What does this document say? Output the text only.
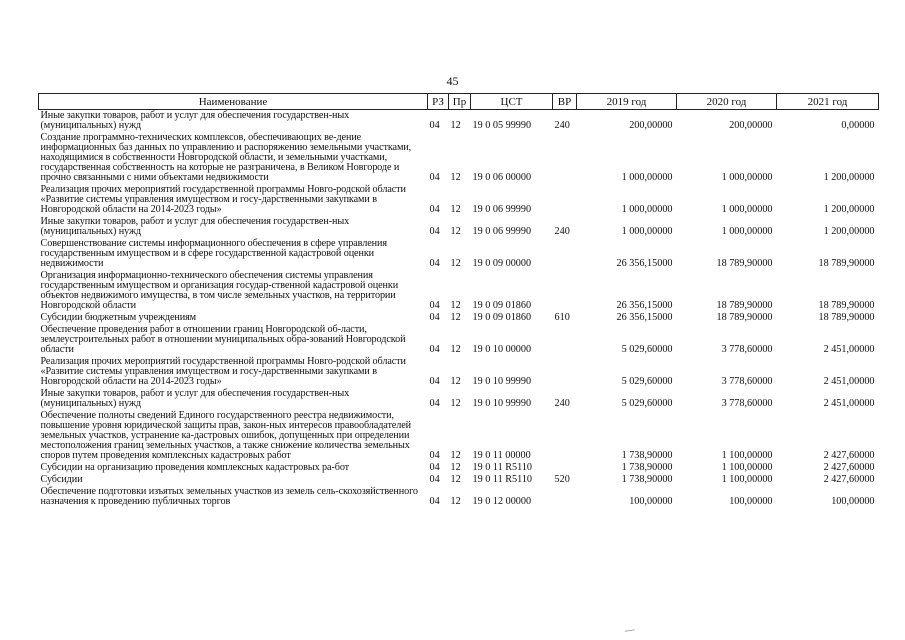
45
Наименование	РЗ	Пр	ЦСТ	ВР	2019 год	2020 год	2021 год
Иные закупки товаров, работ и услуг для обеспечения государствен-ных (муниципальных) нужд	04	12	19 0 05 99990	240	200,00000	200,00000	0,00000
Создание программно-технических комплексов, обеспечивающих ве-дение информационных баз данных по управлению и распоряжению земельными участками, находящимися в собственности Новгородской области, и земельными участками, государственная собственность на которые не разграничена, в Великом Новгороде и прочно связанными с ними объектами недвижимости	04	12	19 0 06 00000		1 000,00000	1 000,00000	1 200,00000
Реализация прочих мероприятий государственной программы Новго-родской области «Развитие системы управления имуществом и госу-дарственными закупками в Новгородской области на 2014-2023 годы»	04	12	19 0 06 99990		1 000,00000	1 000,00000	1 200,00000
Иные закупки товаров, работ и услуг для обеспечения государствен-ных (муниципальных) нужд	04	12	19 0 06 99990	240	1 000,00000	1 000,00000	1 200,00000
Совершенствование системы информационного обеспечения в сфере управления государственным имуществом и в сфере государственной кадастровой оценки недвижимости	04	12	19 0 09 00000		26 356,15000	18 789,90000	18 789,90000
Организация информационно-технического обеспечения системы управления государственным имуществом и организация государ-ственной кадастровой оценки объектов недвижимого имущества, в том числе земельных участков, на территории Новгородской области	04	12	19 0 09 01860		26 356,15000	18 789,90000	18 789,90000
Субсидии бюджетным учреждениям	04	12	19 0 09 01860	610	26 356,15000	18 789,90000	18 789,90000
Обеспечение проведения работ в отношении границ Новгородской об-ласти, землеустроительных работ в отношении муниципальных обра-зований Новгородской области	04	12	19 0 10 00000		5 029,60000	3 778,60000	2 451,00000
Реализация прочих мероприятий государственной программы Новго-родской области «Развитие системы управления имуществом и госу-дарственными закупками в Новгородской области на 2014-2023 годы»	04	12	19 0 10 99990		5 029,60000	3 778,60000	2 451,00000
Иные закупки товаров, работ и услуг для обеспечения государствен-ных (муниципальных) нужд	04	12	19 0 10 99990	240	5 029,60000	3 778,60000	2 451,00000
Обеспечение полноты сведений Единого государственного реестра недвижимости, повышение уровня юридической защиты прав, закон-ных интересов правообладателей земельных участков, устранение ка-дастровых ошибок, допущенных при определении местоположения границ земельных участков, а также снижение количества земельных споров путем проведения комплексных кадастровых работ	04	12	19 0 11 00000		1 738,90000	1 100,00000	2 427,60000
Субсидии на организацию проведения комплексных кадастровых ра-бот	04	12	19 0 11 R5110		1 738,90000	1 100,00000	2 427,60000
Субсидии	04	12	19 0 11 R5110	520	1 738,90000	1 100,00000	2 427,60000
Обеспечение подготовки изъятых земельных участков из земель сель-скохозяйственного назначения к проведению публичных торгов	04	12	19 0 12 00000		100,00000	100,00000	100,00000
